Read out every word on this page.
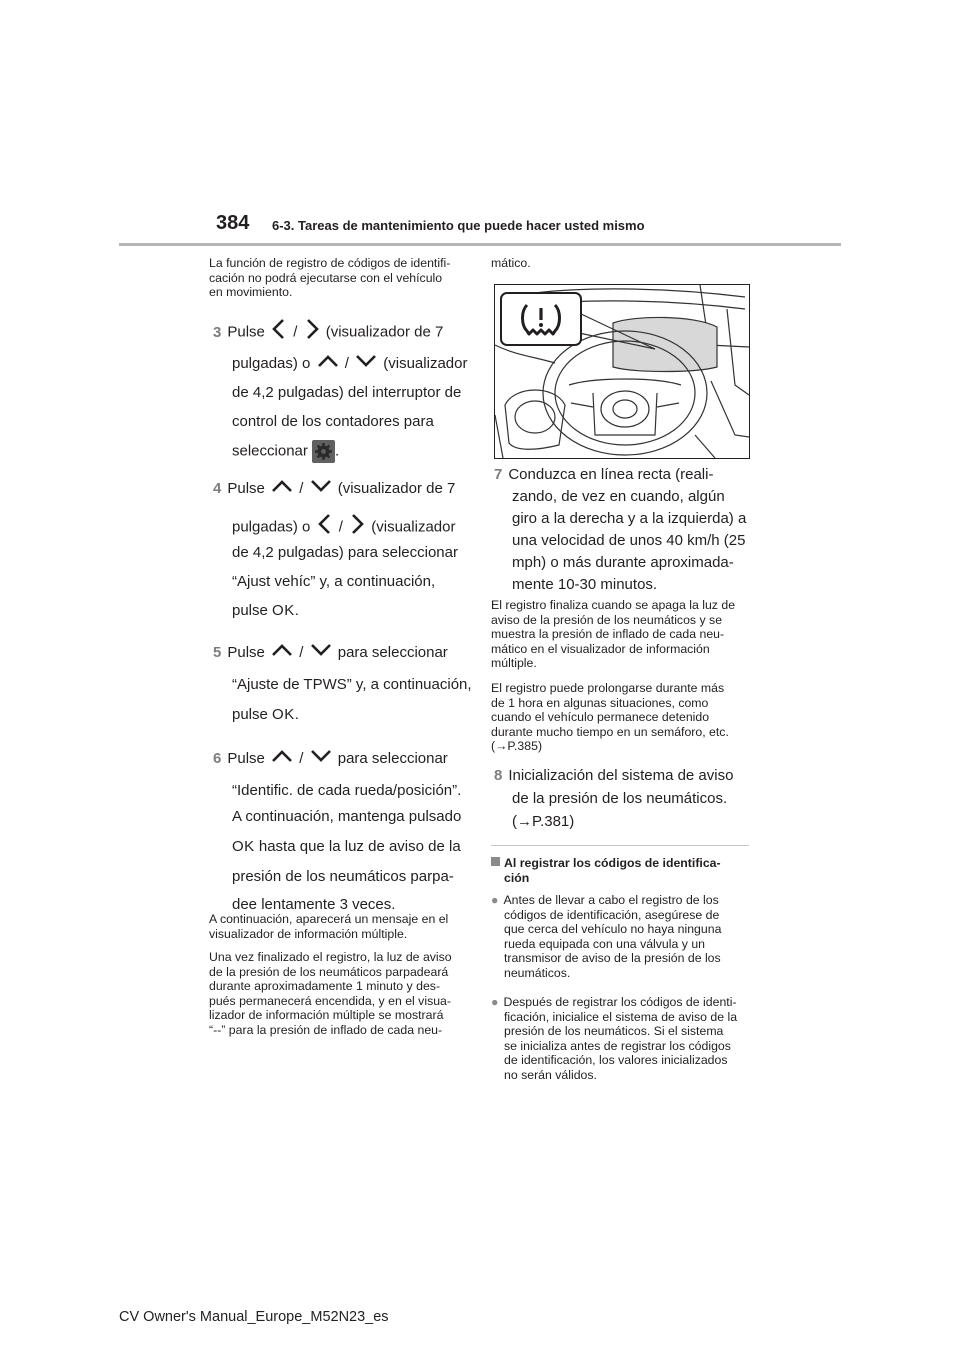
384 6-3. Tareas de mantenimiento que puede hacer usted mismo
La función de registro de códigos de identifi-
cación no podrá ejecutarse con el vehículo
en movimiento.
3 Pulse / (visualizador de 7
pulgadas) o / (visualizador
de 4,2 pulgadas) del interruptor de
control de los contadores para
seleccionar .
4 Pulse / (visualizador de 7
pulgadas) o / (visualizador
de 4,2 pulgadas) para seleccionar
“Ajust vehíc” y, a continuación,
pulse OK.
5 Pulse / para seleccionar
“Ajuste de TPWS” y, a continuación,
pulse OK.
6 Pulse / para seleccionar
“Identific. de cada rueda/posición”.
A continuación, mantenga pulsado
OK hasta que la luz de aviso de la
presión de los neumáticos parpa-
dee lentamente 3 veces.
A continuación, aparecerá un mensaje en el
visualizador de información múltiple.
Una vez finalizado el registro, la luz de aviso
de la presión de los neumáticos parpadeará
durante aproximadamente 1 minuto y des-
pués permanecerá encendida, y en el visua-
lizador de información múltiple se mostrará
“--” para la presión de inflado de cada neu-
mático.
7 Conduzca en línea recta (reali-
zando, de vez en cuando, algún
giro a la derecha y a la izquierda) a
una velocidad de unos 40 km/h (25
mph) o más durante aproximada-
mente 10-30 minutos.
El registro finaliza cuando se apaga la luz de
aviso de la presión de los neumáticos y se
muestra la presión de inflado de cada neu-
mático en el visualizador de información
múltiple.
El registro puede prolongarse durante más
de 1 hora en algunas situaciones, como
cuando el vehículo permanece detenido
durante mucho tiempo en un semáforo, etc.
(→P.385)
8 Inicialización del sistema de aviso
de la presión de los neumáticos.
(→P.381)
Al registrar los códigos de identifica-
ción
● Antes de llevar a cabo el registro de los
códigos de identificación, asegúrese de
que cerca del vehículo no haya ninguna
rueda equipada con una válvula y un
transmisor de aviso de la presión de los
neumáticos.
● Después de registrar los códigos de identi-
ficación, inicialice el sistema de aviso de la
presión de los neumáticos. Si el sistema
se inicializa antes de registrar los códigos
de identificación, los valores inicializados
no serán válidos.
CV Owner's Manual_Europe_M52N23_es
